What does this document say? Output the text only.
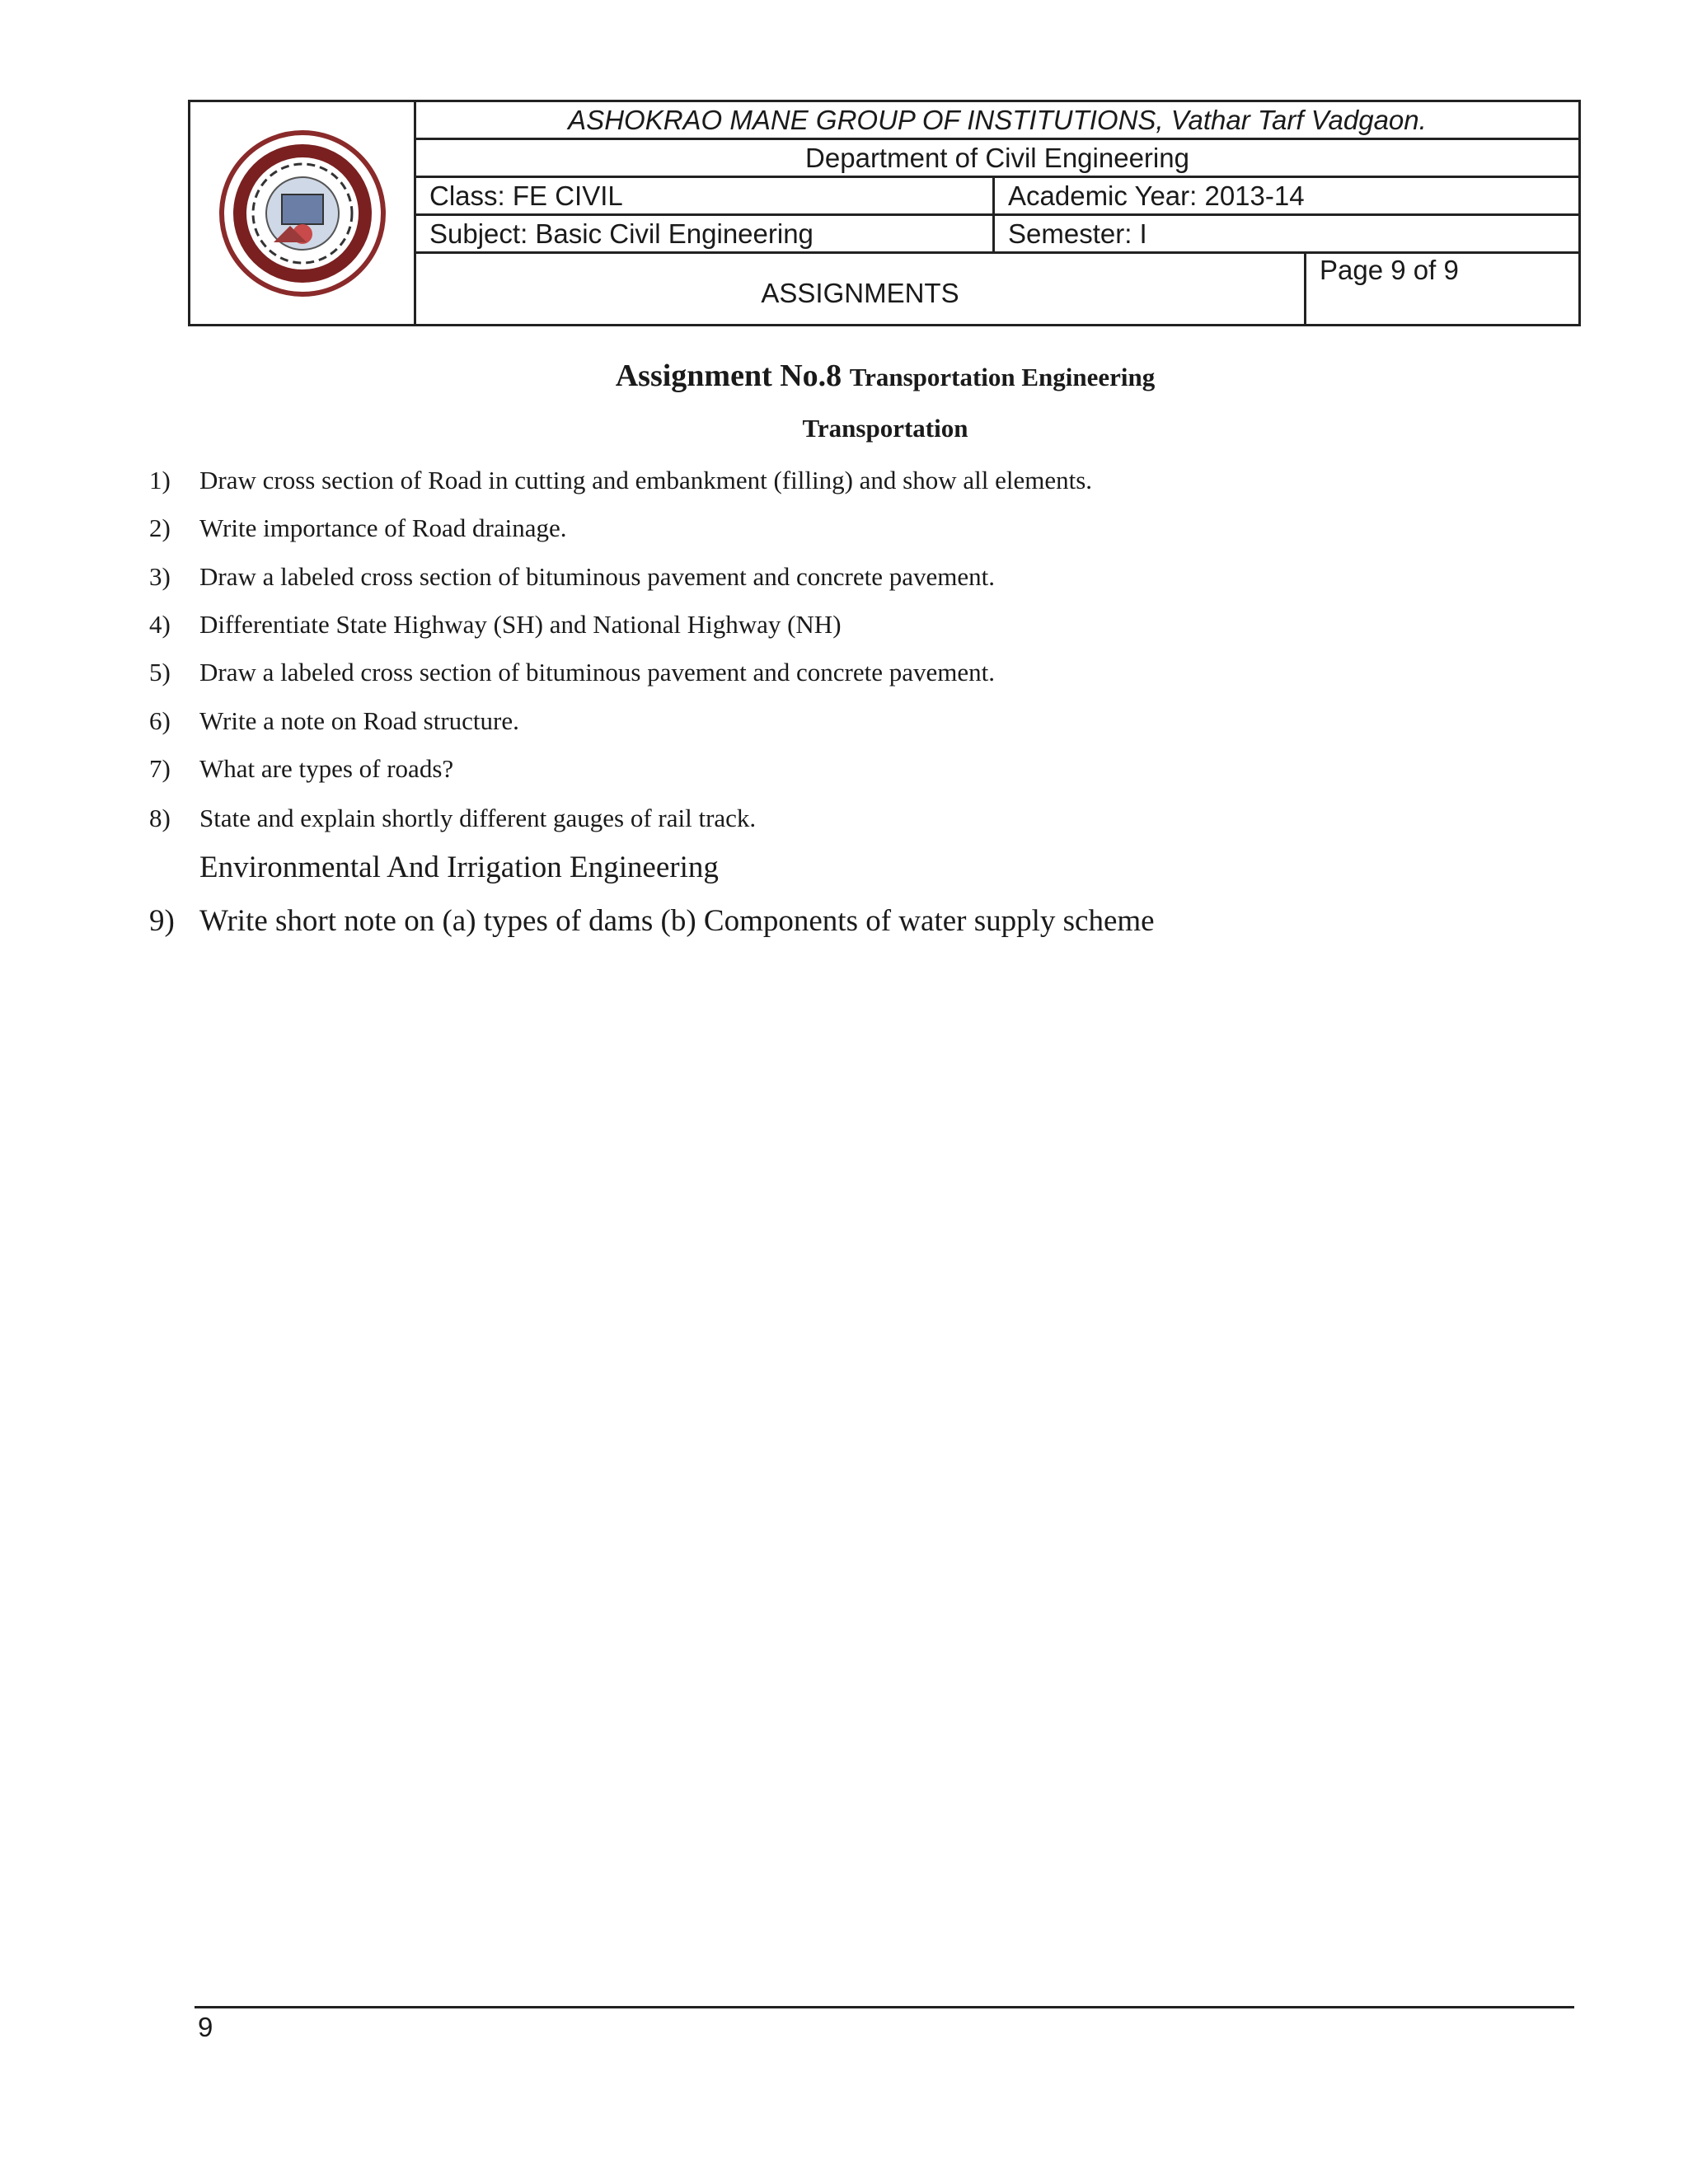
ASHOKRAO MANE GROUP OF INSTITUTIONS, Vathar Tarf Vadgaon.
Department of Civil Engineering
Class: FE CIVIL	Academic Year: 2013-14
Subject: Basic Civil Engineering	Semester: I
ASSIGNMENTS
Page 9 of 9
Assignment No.8 Transportation Engineering
Transportation
1)	Draw cross section of Road in cutting and embankment (filling) and show all elements.
2)	Write importance of Road drainage.
3)	Draw a labeled cross section of bituminous pavement and concrete pavement.
4)	Differentiate State Highway (SH) and National Highway (NH)
5)	Draw a labeled cross section of bituminous pavement and concrete pavement.
6)	Write a note on Road structure.
7)	What are types of roads?
8)	State and explain shortly different gauges of rail track.
Environmental And Irrigation Engineering
9) Write short note on (a) types of dams (b) Components of water supply scheme
9
